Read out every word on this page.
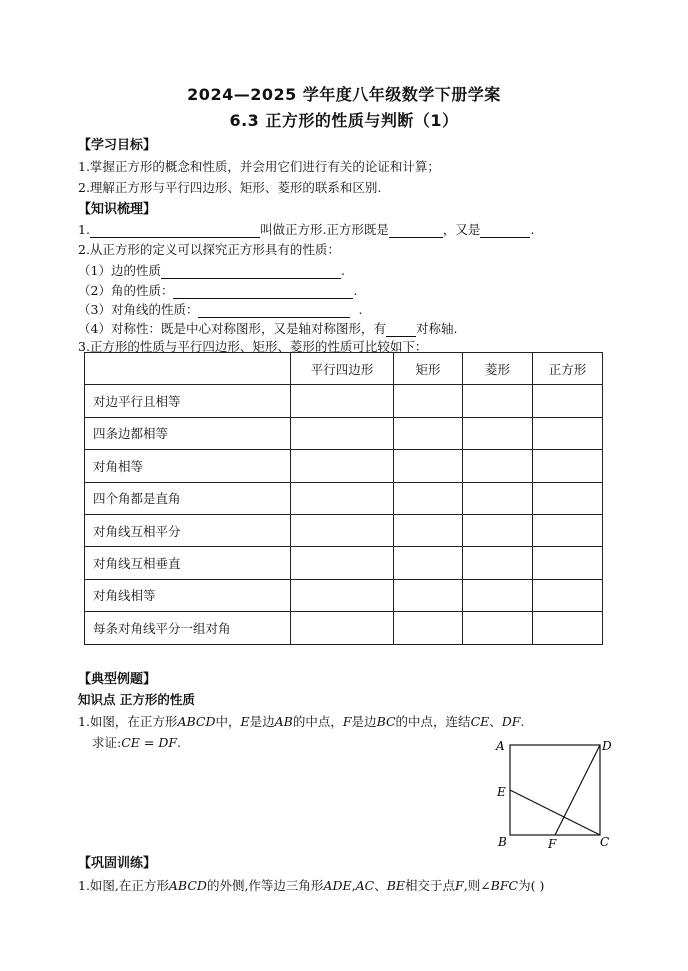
2024—2025 学年度八年级数学下册学案
6.3 正方形的性质与判断（1）
【学习目标】
1.掌握正方形的概念和性质，并会用它们进行有关的论证和计算；
2.理解正方形与平行四边形、矩形、菱形的联系和区别.
【知识梳理】
1.	叫做正方形.正方形既是	，又是	.
2.从正方形的定义可以探究正方形具有的性质：
（1）边的性质	.
（2）角的性质：	.
（3）对角线的性质：	.
（4）对称性：既是中心对称图形，又是轴对称图形，有 对称轴.
3.正方形的性质与平行四边形、矩形、菱形的性质可比较如下：
	平行四边形	矩形	菱形	正方形
对边平行且相等				
四条边都相等				
对角相等				
四个角都是直角				
对角线互相平分				
对角线互相垂直				
对角线相等				
每条对角线平分一组对角				
【典型例题】
知识点 正方形的性质
1.如图，在正方形ABCD中，E是边AB的中点，F是边BC的中点，连结CE、DF.
求证:CE = DF.	A	D
E
B	F	C
【巩固训练】
1.如图,在正方形ABCD的外侧,作等边三角形ADE,AC、BE相交于点F,则∠BFC为( )
